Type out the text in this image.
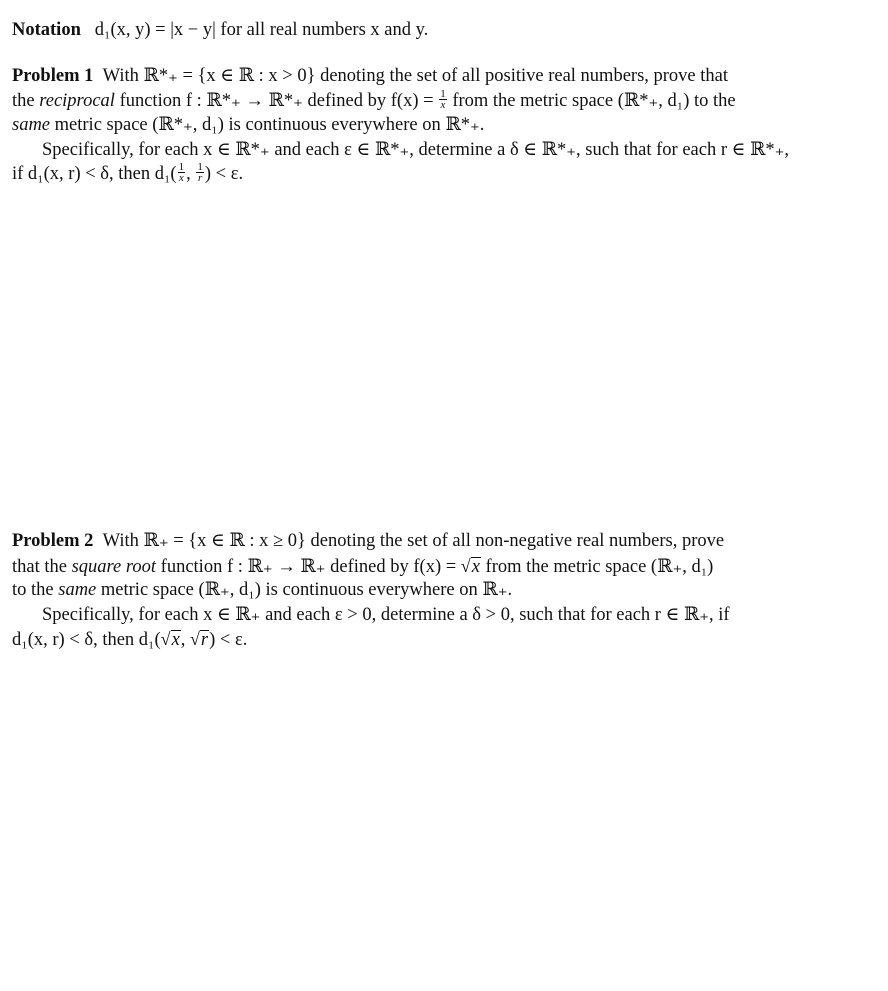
Notation d₁(x, y) = |x − y| for all real numbers x and y.
Problem 1 With ℝ*₊ = {x ∈ ℝ : x > 0} denoting the set of all positive real numbers, prove that
the reciprocal function f : ℝ*₊ → ℝ*₊ defined by $f(x) = \frac{1}{x}$ from the metric space (ℝ*₊, d₁) to the
same metric space (ℝ*₊, d₁) is continuous everywhere on ℝ*₊.
Specifically, for each x ∈ ℝ*₊ and each ε ∈ ℝ*₊, determine a δ ∈ ℝ*₊, such that for each r ∈ ℝ*₊,
if d₁(x, r) < δ, then $d_1( \frac{1}{x}$ , $\frac{1}{r}$ ) < ε.
Problem 2 With ℝ₊ = {x ∈ ℝ : x ≥ 0} denoting the set of all non-negative real numbers, prove
that the square root function f : ℝ₊ → ℝ₊ defined by f(x) = √x from the metric space (ℝ₊, d₁)
to the same metric space (ℝ₊, d₁) is continuous everywhere on ℝ₊.
Specifically, for each x ∈ ℝ₊ and each ε > 0, determine a δ > 0, such that for each r ∈ ℝ₊, if
d₁(x, r) < δ, then d₁(√x, √r) < ε.
